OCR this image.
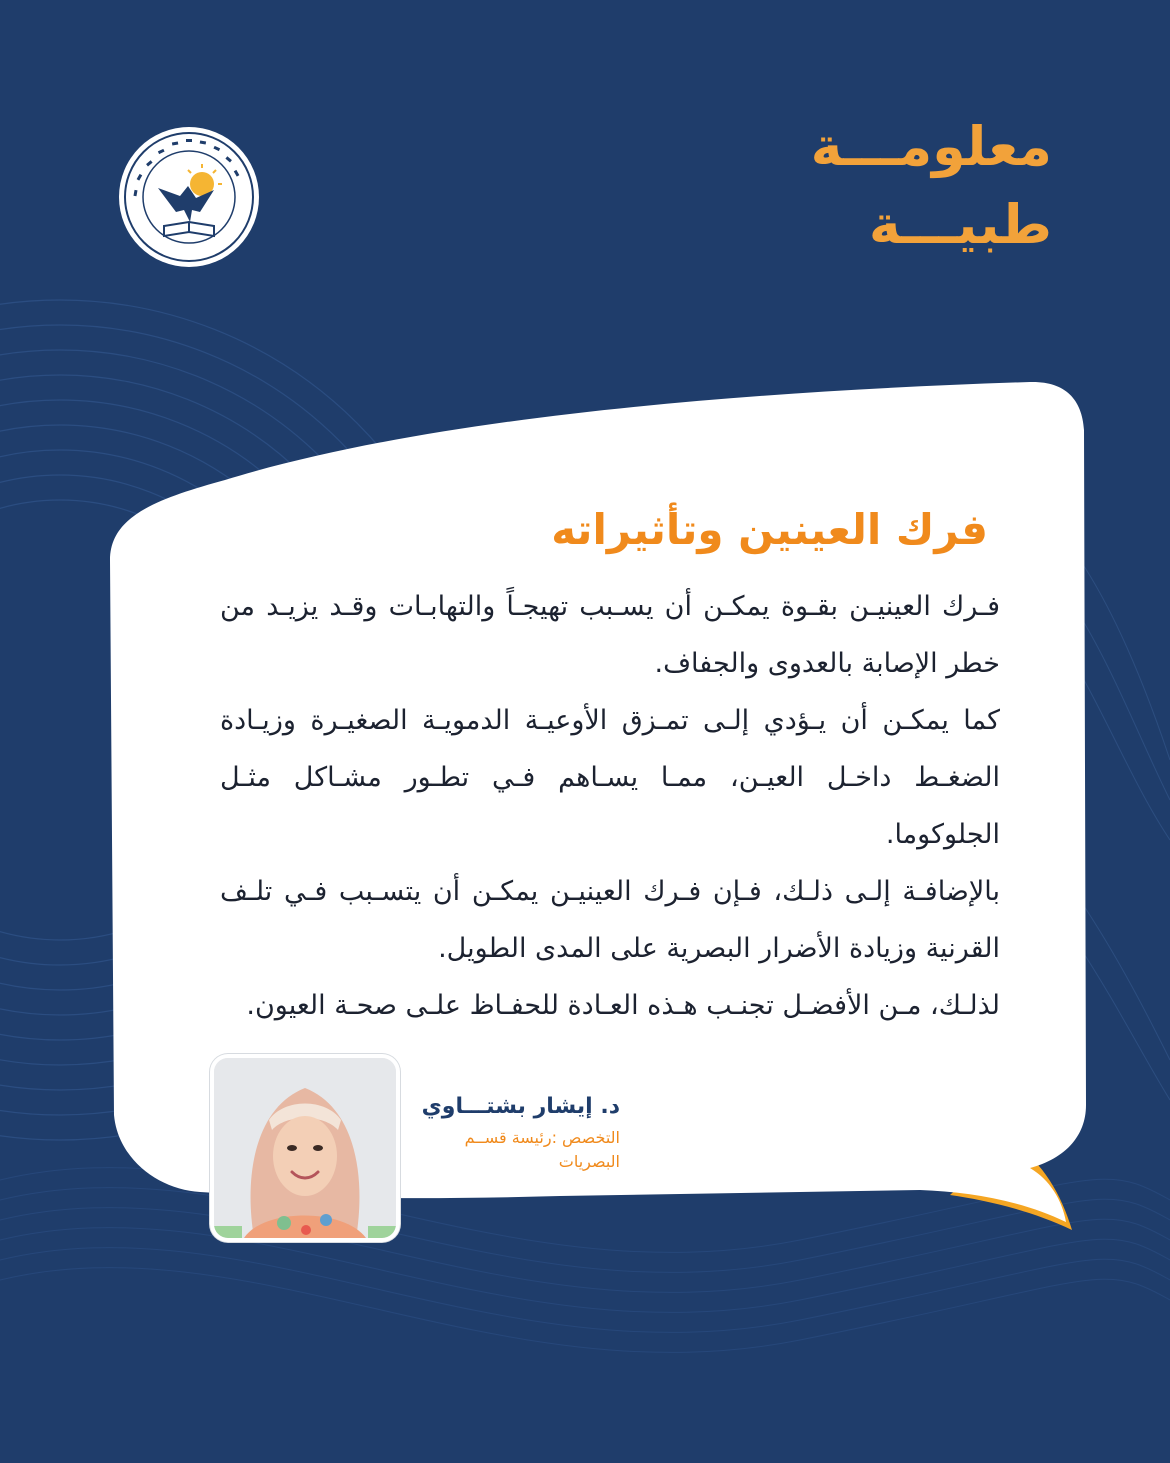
معلومـــة
طبيـــة
فرك العينين وتأثيراته

فـرك العينيـن بقـوة يمكـن أن يسـبب تهيجـاً والتهابـات وقـد يزيـد من خطر الإصابة بالعدوى والجفاف.

كما يمكـن أن يـؤدي إلـى تمـزق الأوعيـة الدمويـة الصغيـرة وزيـادة الضغـط داخـل العيـن، ممـا يسـاهم فـي تطـور مشـاكل مثـل الجلوكوما.

بالإضافـة إلـى ذلـك، فـإن فـرك العينيـن يمكـن أن يتسـبب فـي تلـف القرنية وزيادة الأضرار البصرية على المدى الطويل.

لذلـك، مـن الأفضـل تجنـب هـذه العـادة للحفـاظ علـى صحـة العيون.

د. إيشار بشتـــاوي
التخصص :رئيسة قســم
البصريات
